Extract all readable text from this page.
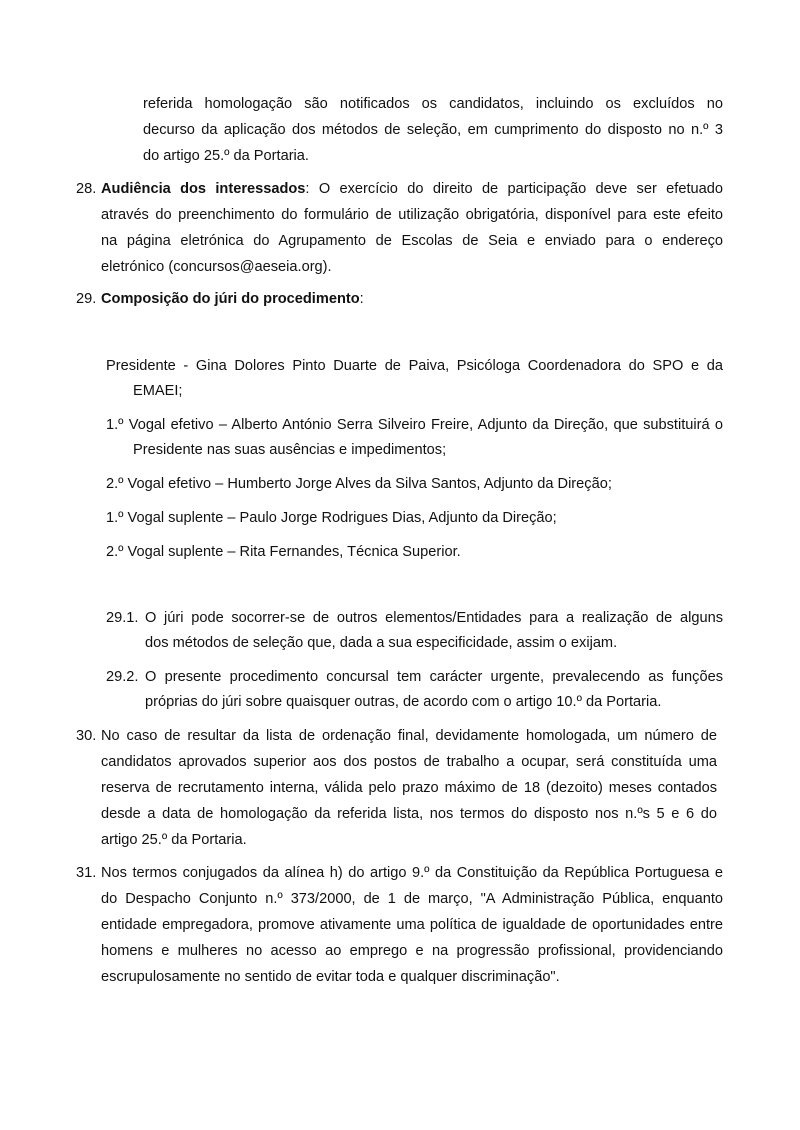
referida homologação são notificados os candidatos, incluindo os excluídos no
decurso da aplicação dos métodos de seleção, em cumprimento do disposto no n.º 3
do artigo 25.º da Portaria.
28. Audiência dos interessados: O exercício do direito de participação deve ser efetuado
através do preenchimento do formulário de utilização obrigatória, disponível para este efeito
na página eletrónica do Agrupamento de Escolas de Seia e enviado para o endereço
eletrónico (concursos@aeseia.org).
29. Composição do júri do procedimento:
Presidente - Gina Dolores Pinto Duarte de Paiva, Psicóloga Coordenadora do SPO e da
EMAEI;
1.º Vogal efetivo – Alberto António Serra Silveiro Freire, Adjunto da Direção, que substituirá o
Presidente nas suas ausências e impedimentos;
2.º Vogal efetivo – Humberto Jorge Alves da Silva Santos, Adjunto da Direção;
1.º Vogal suplente – Paulo Jorge Rodrigues Dias, Adjunto da Direção;
2.º Vogal suplente – Rita Fernandes, Técnica Superior.
29.1. O júri pode socorrer-se de outros elementos/Entidades para a realização de alguns
dos métodos de seleção que, dada a sua especificidade, assim o exijam.
29.2. O presente procedimento concursal tem carácter urgente, prevalecendo as funções
próprias do júri sobre quaisquer outras, de acordo com o artigo 10.º da Portaria.
30. No caso de resultar da lista de ordenação final, devidamente homologada, um número de
candidatos aprovados superior aos dos postos de trabalho a ocupar, será constituída uma
reserva de recrutamento interna, válida pelo prazo máximo de 18 (dezoito) meses contados
desde a data de homologação da referida lista, nos termos do disposto nos n.ºs 5 e 6 do
artigo 25.º da Portaria.
31. Nos termos conjugados da alínea h) do artigo 9.º da Constituição da República Portuguesa e
do Despacho Conjunto n.º 373/2000, de 1 de março, "A Administração Pública, enquanto
entidade empregadora, promove ativamente uma política de igualdade de oportunidades entre
homens e mulheres no acesso ao emprego e na progressão profissional, providenciando
escrupulosamente no sentido de evitar toda e qualquer discriminação".
